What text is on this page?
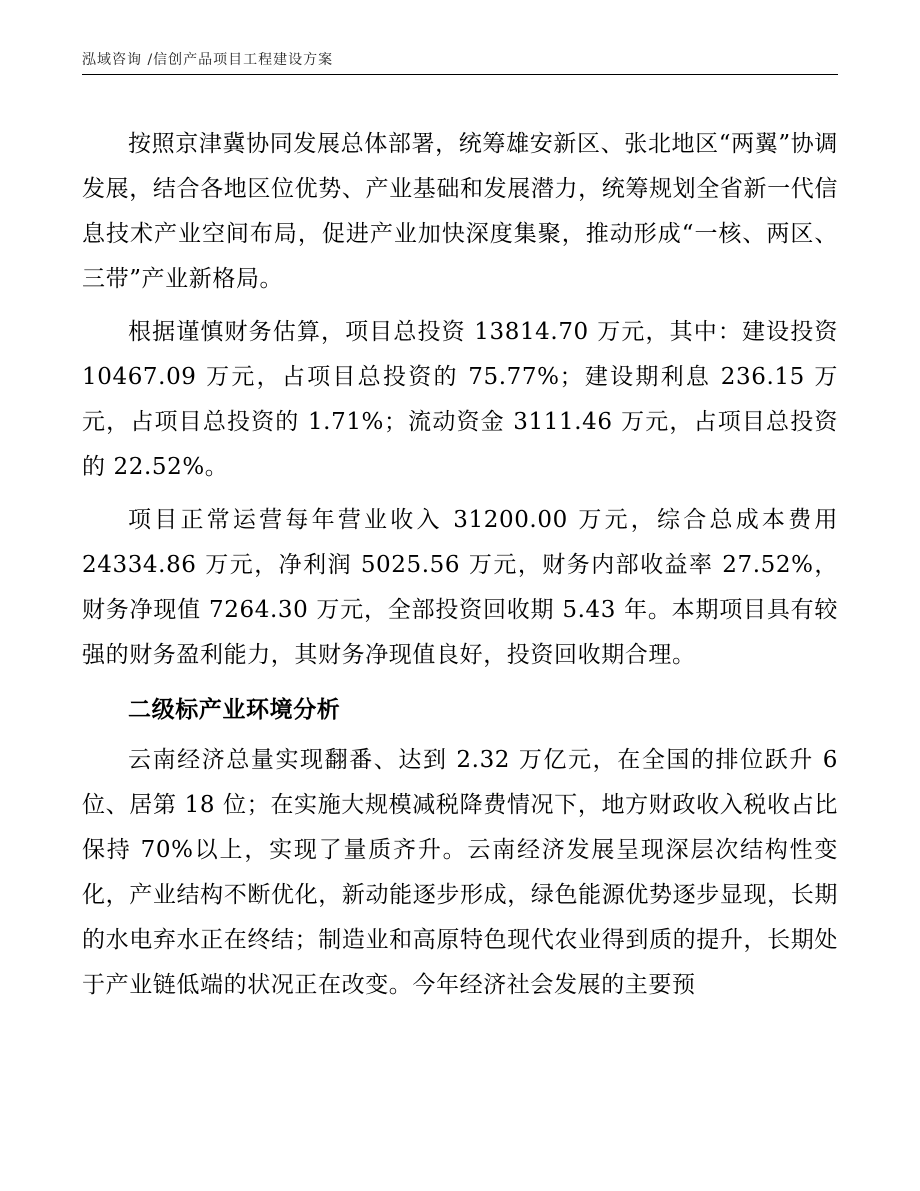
泓域咨询 /信创产品项目工程建设方案

按照京津冀协同发展总体部署，统筹雄安新区、张北地区“两翼”协调发展，结合各地区位优势、产业基础和发展潜力，统筹规划全省新一代信息技术产业空间布局，促进产业加快深度集聚，推动形成“一核、两区、三带”产业新格局。

根据谨慎财务估算，项目总投资 13814.70 万元，其中：建设投资 10467.09 万元，占项目总投资的 75.77%；建设期利息 236.15 万元，占项目总投资的 1.71%；流动资金 3111.46 万元，占项目总投资的 22.52%。

项目正常运营每年营业收入 31200.00 万元，综合总成本费用 24334.86 万元，净利润 5025.56 万元，财务内部收益率 27.52%，财务净现值 7264.30 万元，全部投资回收期 5.43 年。本期项目具有较强的财务盈利能力，其财务净现值良好，投资回收期合理。

二级标产业环境分析

云南经济总量实现翻番、达到 2.32 万亿元，在全国的排位跃升 6 位、居第 18 位；在实施大规模减税降费情况下，地方财政收入税收占比保持 70%以上，实现了量质齐升。云南经济发展呈现深层次结构性变化，产业结构不断优化，新动能逐步形成，绿色能源优势逐步显现，长期的水电弃水正在终结；制造业和高原特色现代农业得到质的提升，长期处于产业链低端的状况正在改变。今年经济社会发展的主要预
